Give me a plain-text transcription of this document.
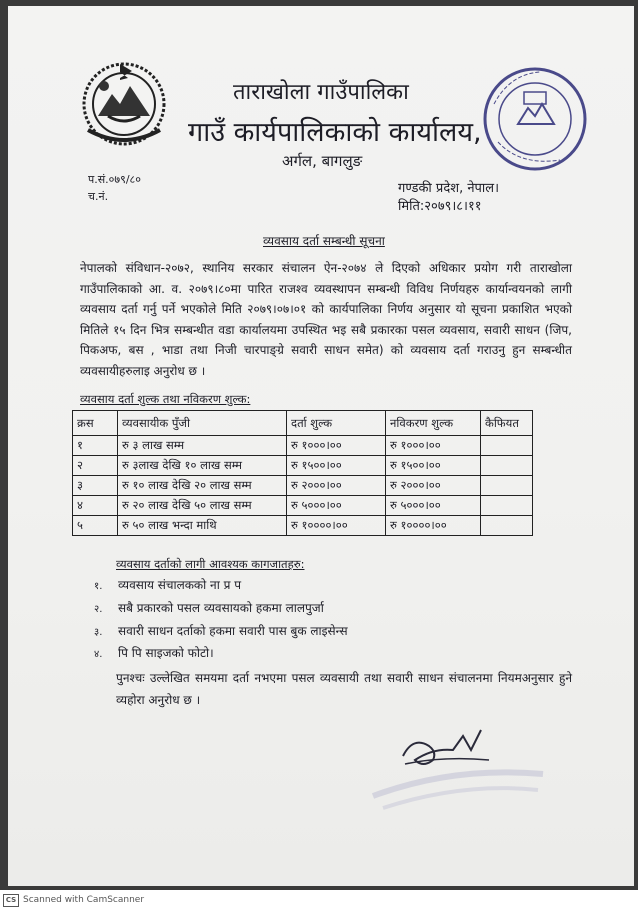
ताराखोला गाउँपालिका
गाउँ कार्यपालिकाको कार्यालय,
अर्गल, बागलुङ
प.सं.०७९/८०
च.नं.
गण्डकी प्रदेश, नेपाल।
मिति:२०७९।८।११
व्यवसाय दर्ता सम्बन्धी सूचना
नेपालको संविधान-२०७२, स्थानिय सरकार संचालन ऐन-२०७४ ले दिएको अधिकार प्रयोग गरी ताराखोला गाउँपालिकाको आ. व. २०७९।८०मा पारित राजश्व व्यवस्थापन सम्बन्धी विविध निर्णयहरु कार्यान्वयनको लागी व्यवसाय दर्ता गर्नु पर्ने भएकोले मिति २०७९।०७।०१ को कार्यपालिका निर्णय अनुसार यो सूचना प्रकाशित भएको मितिले १५ दिन भित्र सम्बन्धीत वडा कार्यालयमा उपस्थित भइ सबै प्रकारका पसल व्यवसाय, सवारी साधन (जिप, पिकअफ, बस , भाडा तथा निजी चारपाङ्ग्रे सवारी साधन समेत) को व्यवसाय दर्ता गराउनु हुन सम्बन्धीत व्यवसायीहरुलाइ अनुरोध छ ।
व्यवसाय दर्ता शुल्क तथा नविकरण शुल्क:
क्रस	व्यवसायीक पुँजी	दर्ता शुल्क	नविकरण शुल्क	कैफियत
१	रु ३ लाख सम्म	रु १०००।००	रु १०००।००	
२	रु ३लाख देखि १० लाख सम्म	रु १५००।००	रु १५००।००	
३	रु १० लाख देखि २० लाख सम्म	रु २०००।००	रु २०००।००	
४	रु २० लाख देखि ५० लाख सम्म	रु ५०००।००	रु ५०००।००	
५	रु ५० लाख भन्दा माथि	रु १००००।००	रु १००००।००	
व्यवसाय दर्ताको लागी आवश्यक कागजातहरु:
१. व्यवसाय संचालकको ना प्र प
२. सबै प्रकारको पसल व्यवसायको हकमा लालपुर्जा
३. सवारी साधन दर्ताको हकमा सवारी पास बुक लाइसेन्स
४. पि पि साइजको फोटो।
पुनश्चः उल्लेखित समयमा दर्ता नभएमा पसल व्यवसायी तथा सवारी साधन संचालनमा नियमअनुसार हुने व्यहोरा अनुरोध छ ।
CS Scanned with CamScanner
